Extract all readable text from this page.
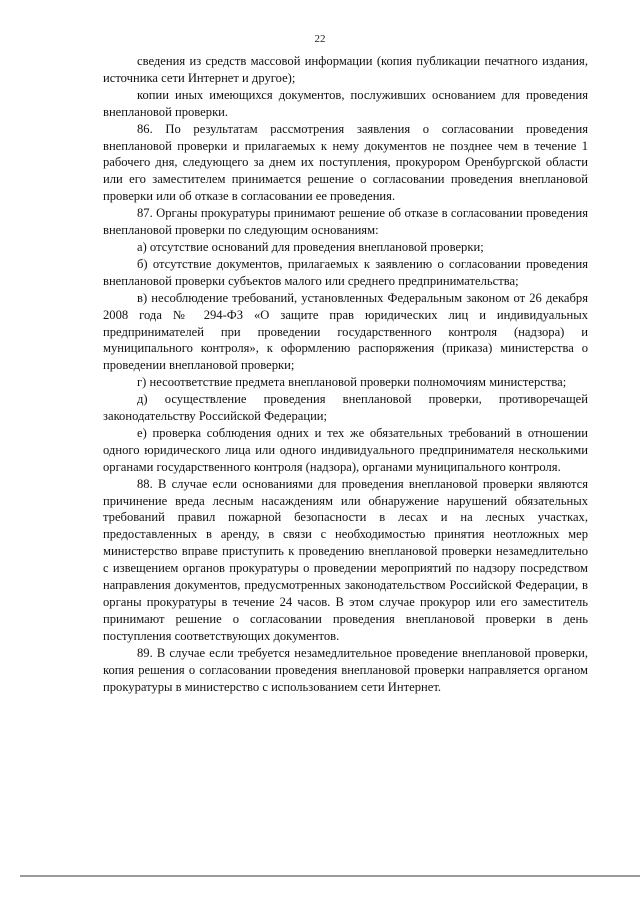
22

сведения из средств массовой информации (копия публикации печатного издания, источника сети Интернет и другое);

копии иных имеющихся документов, послуживших основанием для проведения внеплановой проверки.

86. По результатам рассмотрения заявления о согласовании проведения внеплановой проверки и прилагаемых к нему документов не позднее чем в течение 1 рабочего дня, следующего за днем их поступления, прокурором Оренбургской области или его заместителем принимается решение о согласовании проведения внеплановой проверки или об отказе в согласовании ее проведения.

87. Органы прокуратуры принимают решение об отказе в согласовании проведения внеплановой проверки по следующим основаниям:

а) отсутствие оснований для проведения внеплановой проверки;

б) отсутствие документов, прилагаемых к заявлению о согласовании проведения внеплановой проверки субъектов малого или среднего предпринимательства;

в) несоблюдение требований, установленных Федеральным законом от 26 декабря 2008 года № 294-ФЗ «О защите прав юридических лиц и индивидуальных предпринимателей при проведении государственного контроля (надзора) и муниципального контроля», к оформлению распоряжения (приказа) министерства о проведении внеплановой проверки;

г) несоответствие предмета внеплановой проверки полномочиям министерства;

д) осуществление проведения внеплановой проверки, противоречащей законодательству Российской Федерации;

е) проверка соблюдения одних и тех же обязательных требований в отношении одного юридического лица или одного индивидуального предпринимателя несколькими органами государственного контроля (надзора), органами муниципального контроля.

88. В случае если основаниями для проведения внеплановой проверки являются причинение вреда лесным насаждениям или обнаружение нарушений обязательных требований правил пожарной безопасности в лесах и на лесных участках, предоставленных в аренду, в связи с необходимостью принятия неотложных мер министерство вправе приступить к проведению внеплановой проверки незамедлительно с извещением органов прокуратуры о проведении мероприятий по надзору посредством направления документов, предусмотренных законодательством Российской Федерации, в органы прокуратуры в течение 24 часов. В этом случае прокурор или его заместитель принимают решение о согласовании проведения внеплановой проверки в день поступления соответствующих документов.

89. В случае если требуется незамедлительное проведение внеплановой проверки, копия решения о согласовании проведения внеплановой проверки направляется органом прокуратуры в министерство с использованием сети Интернет.
